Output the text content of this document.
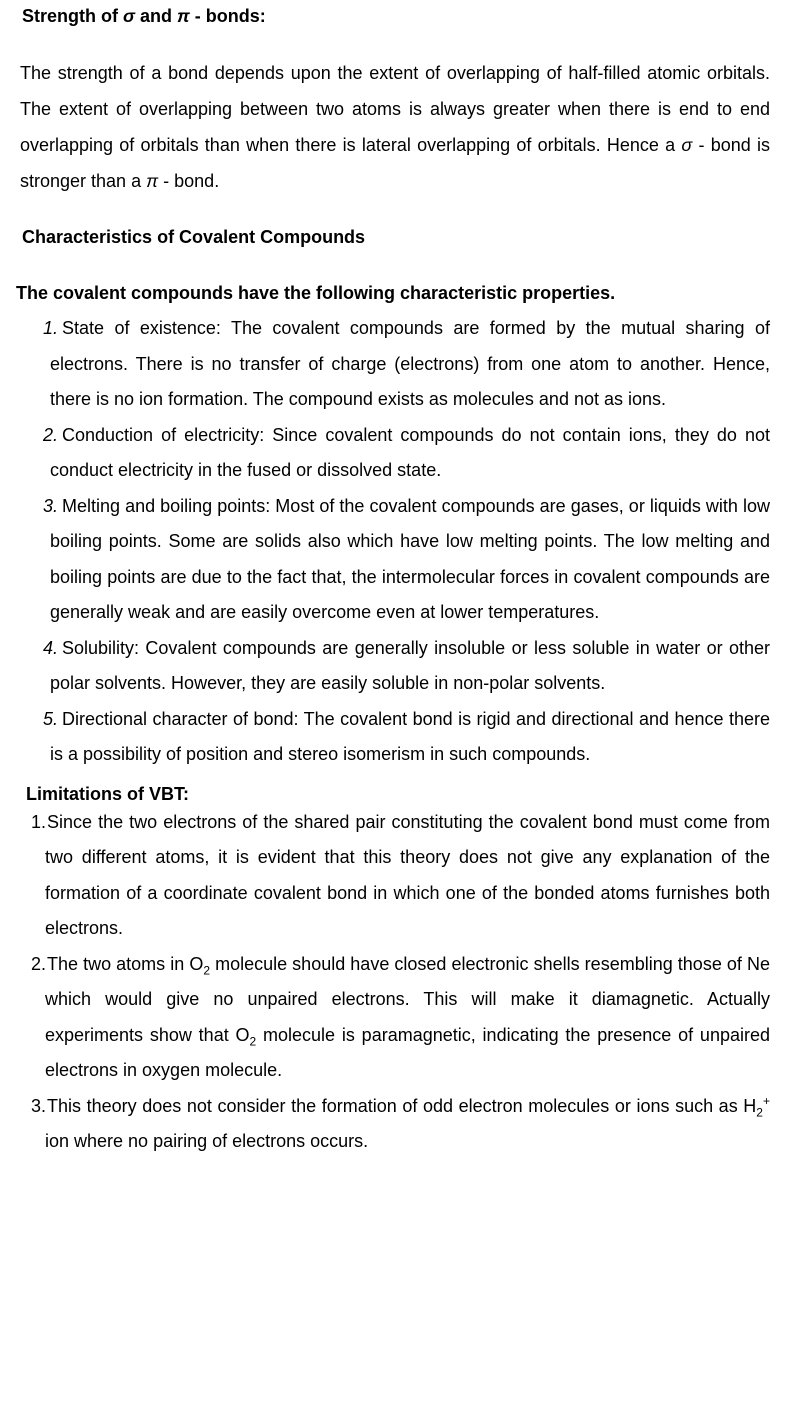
Strength of σ and π - bonds:

The strength of a bond depends upon the extent of overlapping of half-filled atomic orbitals. The extent of overlapping between two atoms is always greater when there is end to end overlapping of orbitals than when there is lateral overlapping of orbitals. Hence a σ - bond is stronger than a π - bond.

Characteristics of Covalent Compounds

The covalent compounds have the following characteristic properties.

State of existence: The covalent compounds are formed by the mutual sharing of electrons. There is no transfer of charge (electrons) from one atom to another. Hence, there is no ion formation. The compound exists as molecules and not as ions.
Conduction of electricity: Since covalent compounds do not contain ions, they do not conduct electricity in the fused or dissolved state.
Melting and boiling points: Most of the covalent compounds are gases, or liquids with low boiling points. Some are solids also which have low melting points. The low melting and boiling points are due to the fact that, the intermolecular forces in covalent compounds are generally weak and are easily overcome even at lower temperatures.
Solubility: Covalent compounds are generally insoluble or less soluble in water or other polar solvents. However, they are easily soluble in non-polar solvents.
Directional character of bond: The covalent bond is rigid and directional and hence there is a possibility of position and stereo isomerism in such compounds.
Limitations of VBT:
Since the two electrons of the shared pair constituting the covalent bond must come from two different atoms, it is evident that this theory does not give any explanation of the formation of a coordinate covalent bond in which one of the bonded atoms furnishes both electrons.
The two atoms in $O_2$ molecule should have closed electronic shells resembling those of Ne which would give no unpaired electrons. This will make it diamagnetic. Actually experiments show that $O_2$ molecule is paramagnetic, indicating the presence of unpaired electrons in oxygen molecule.
This theory does not consider the formation of odd electron molecules or ions such as $H_2^+$ ion where no pairing of electrons occurs.
